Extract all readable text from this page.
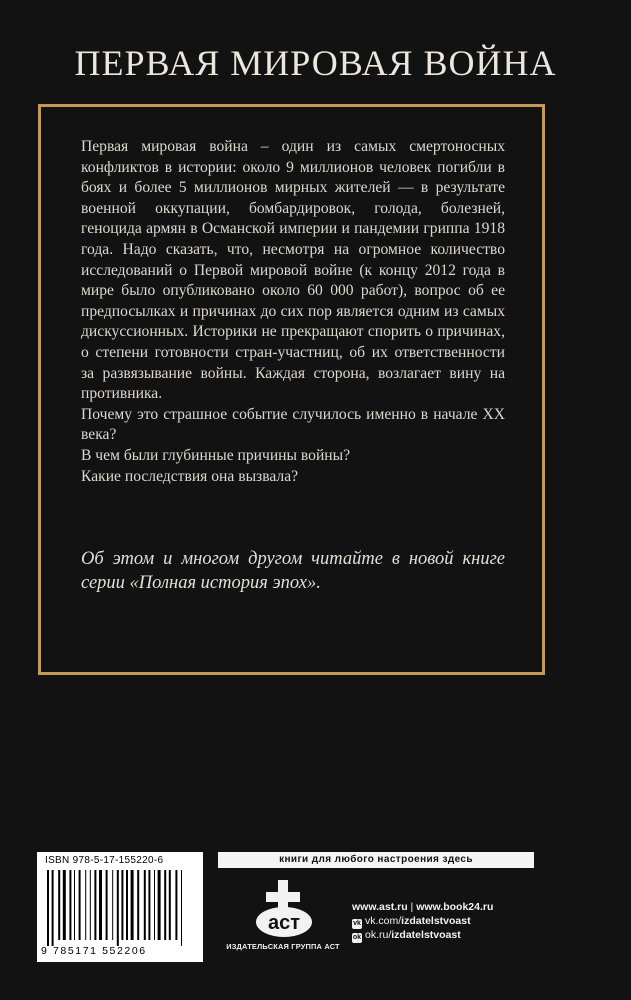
ПЕРВАЯ МИРОВАЯ ВОЙНА

Первая мировая война – один из самых смертоносных конфликтов в истории: около 9 миллионов человек погибли в боях и более 5 миллионов мирных жителей — в результате военной оккупации, бомбардировок, голода, болезней, геноцида армян в Османской империи и пандемии гриппа 1918 года. Надо сказать, что, несмотря на огромное количество исследований о Первой мировой войне (к концу 2012 года в мире было опубликовано около 60 000 работ), вопрос об ее предпосылках и причинах до сих пор является одним из самых дискуссионных. Историки не прекращают спорить о причинах, о степени готовности стран-участниц, об их ответственности за развязывание войны. Каждая сторона, возлагает вину на противника.

Почему это страшное событие случилось именно в начале XX века?

В чем были глубинные причины войны?

Какие последствия она вызвала?

Об этом и многом другом читайте в новой книге серии «Полная история эпох».
ISBN 978-5-17-155220-6
9 785171 552206
книги для любого настроения здесь
аст
ИЗДАТЕЛЬСКАЯ ГРУППА АСТ
www.ast.ru | www.book24.ru
vk vk.com/izdatelstvoast
ok ok.ru/izdatelstvoast
